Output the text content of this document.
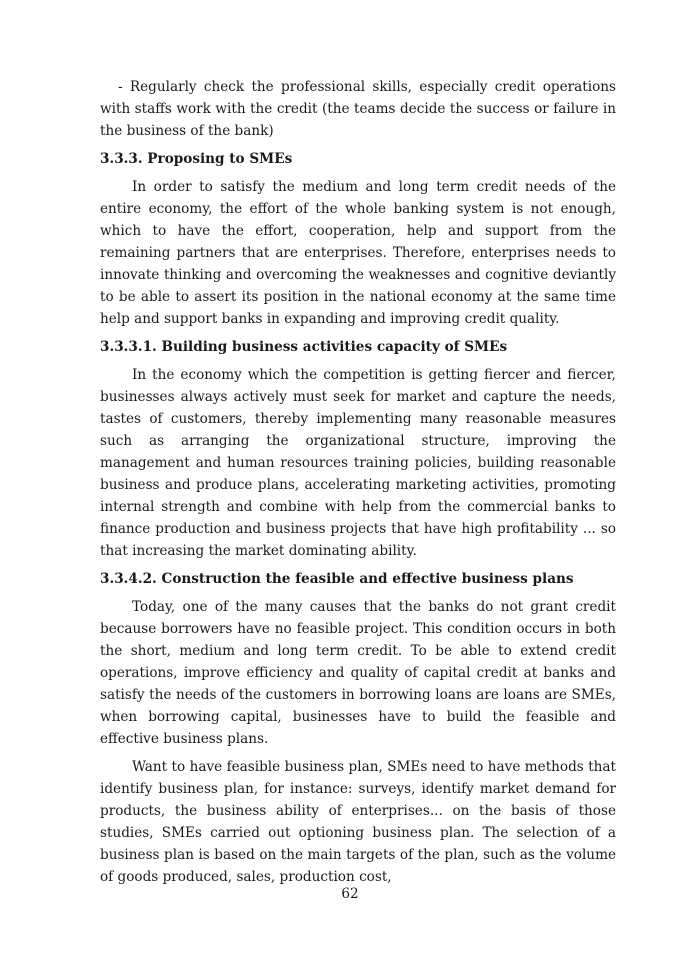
- Regularly check the professional skills, especially credit operations with staffs work with the credit (the teams decide the success or failure in the business of the bank)

3.3.3. Proposing to SMEs

In order to satisfy the medium and long term credit needs of the entire economy, the effort of the whole banking system is not enough, which to have the effort, cooperation, help and support from the remaining partners that are enterprises. Therefore, enterprises needs to innovate thinking and overcoming the weaknesses and cognitive deviantly to be able to assert its position in the national economy at the same time help and support banks in expanding and improving credit quality.

3.3.3.1. Building business activities capacity of SMEs

In the economy which the competition is getting fiercer and fiercer, businesses always actively must seek for market and capture the needs, tastes of customers, thereby implementing many reasonable measures such as arranging the organizational structure, improving the management and human resources training policies, building reasonable business and produce plans, accelerating marketing activities, promoting internal strength and combine with help from the commercial banks to finance production and business projects that have high profitability ... so that increasing the market dominating ability.

3.3.4.2. Construction the feasible and effective business plans

Today, one of the many causes that the banks do not grant credit because borrowers have no feasible project. This condition occurs in both the short, medium and long term credit. To be able to extend credit operations, improve efficiency and quality of capital credit at banks and satisfy the needs of the customers in borrowing loans are loans are SMEs, when borrowing capital, businesses have to build the feasible and effective business plans.

Want to have feasible business plan, SMEs need to have methods that identify business plan, for instance: surveys, identify market demand for products, the business ability of enterprises... on the basis of those studies, SMEs carried out optioning business plan. The selection of a business plan is based on the main targets of the plan, such as the volume of goods produced, sales, production cost,

62
